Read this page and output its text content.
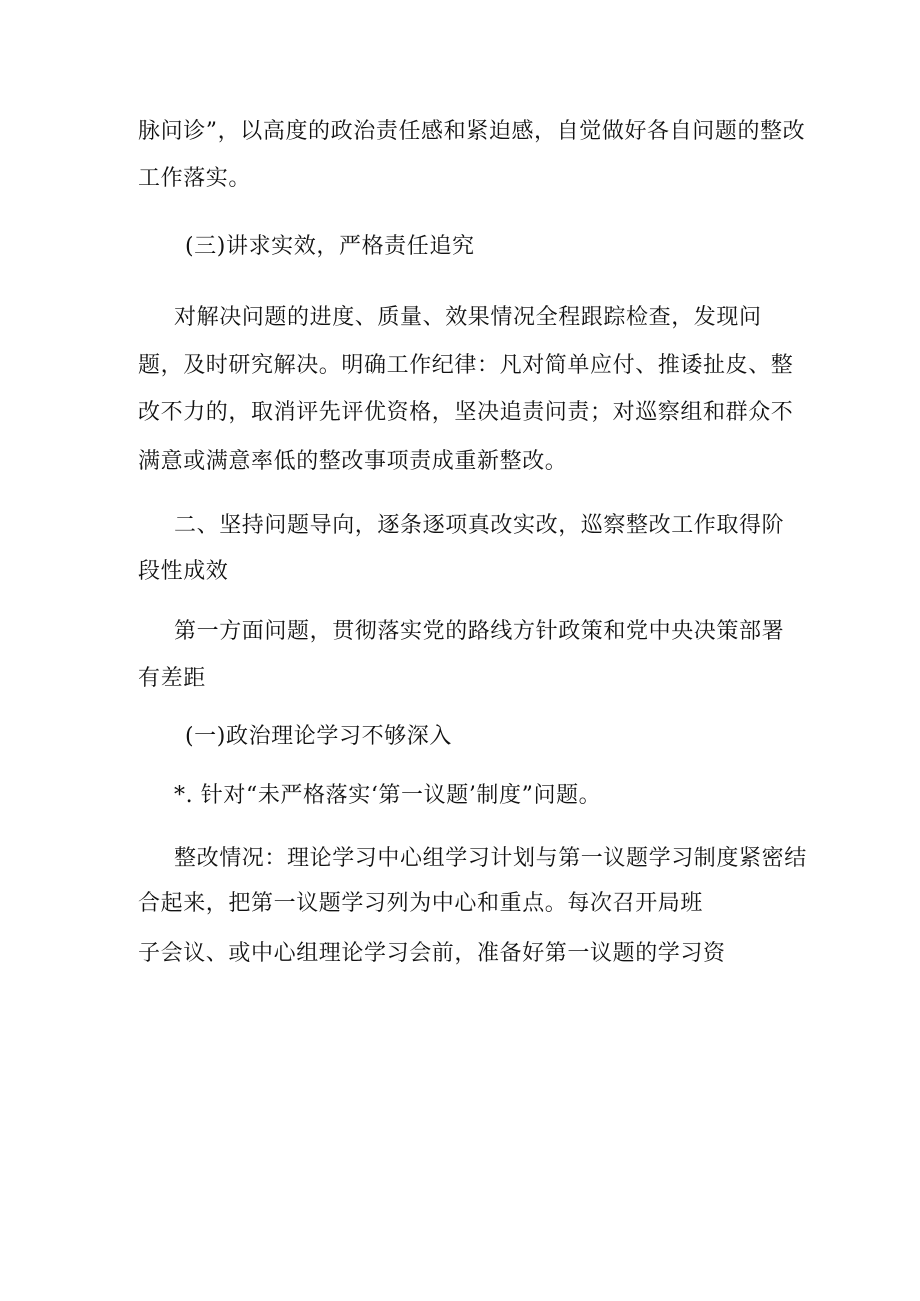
脉问诊”，以高度的政治责任感和紧迫感，自觉做好各自问题的整改
工作落实。
(三)讲求实效，严格责任追究
对解决问题的进度、质量、效果情况全程跟踪检查，发现问
题，及时研究解决。明确工作纪律：凡对简单应付、推诿扯皮、整
改不力的，取消评先评优资格，坚决追责问责；对巡察组和群众不
满意或满意率低的整改事项责成重新整改。
二、坚持问题导向，逐条逐项真改实改，巡察整改工作取得阶
段性成效
第一方面问题，贯彻落实党的路线方针政策和党中央决策部署
有差距
(一)政治理论学习不够深入
*. 针对“未严格落实‘第一议题’制度”问题。
整改情况：理论学习中心组学习计划与第一议题学习制度紧密结
合起来，把第一议题学习列为中心和重点。每次召开局班
子会议、或中心组理论学习会前，准备好第一议题的学习资
